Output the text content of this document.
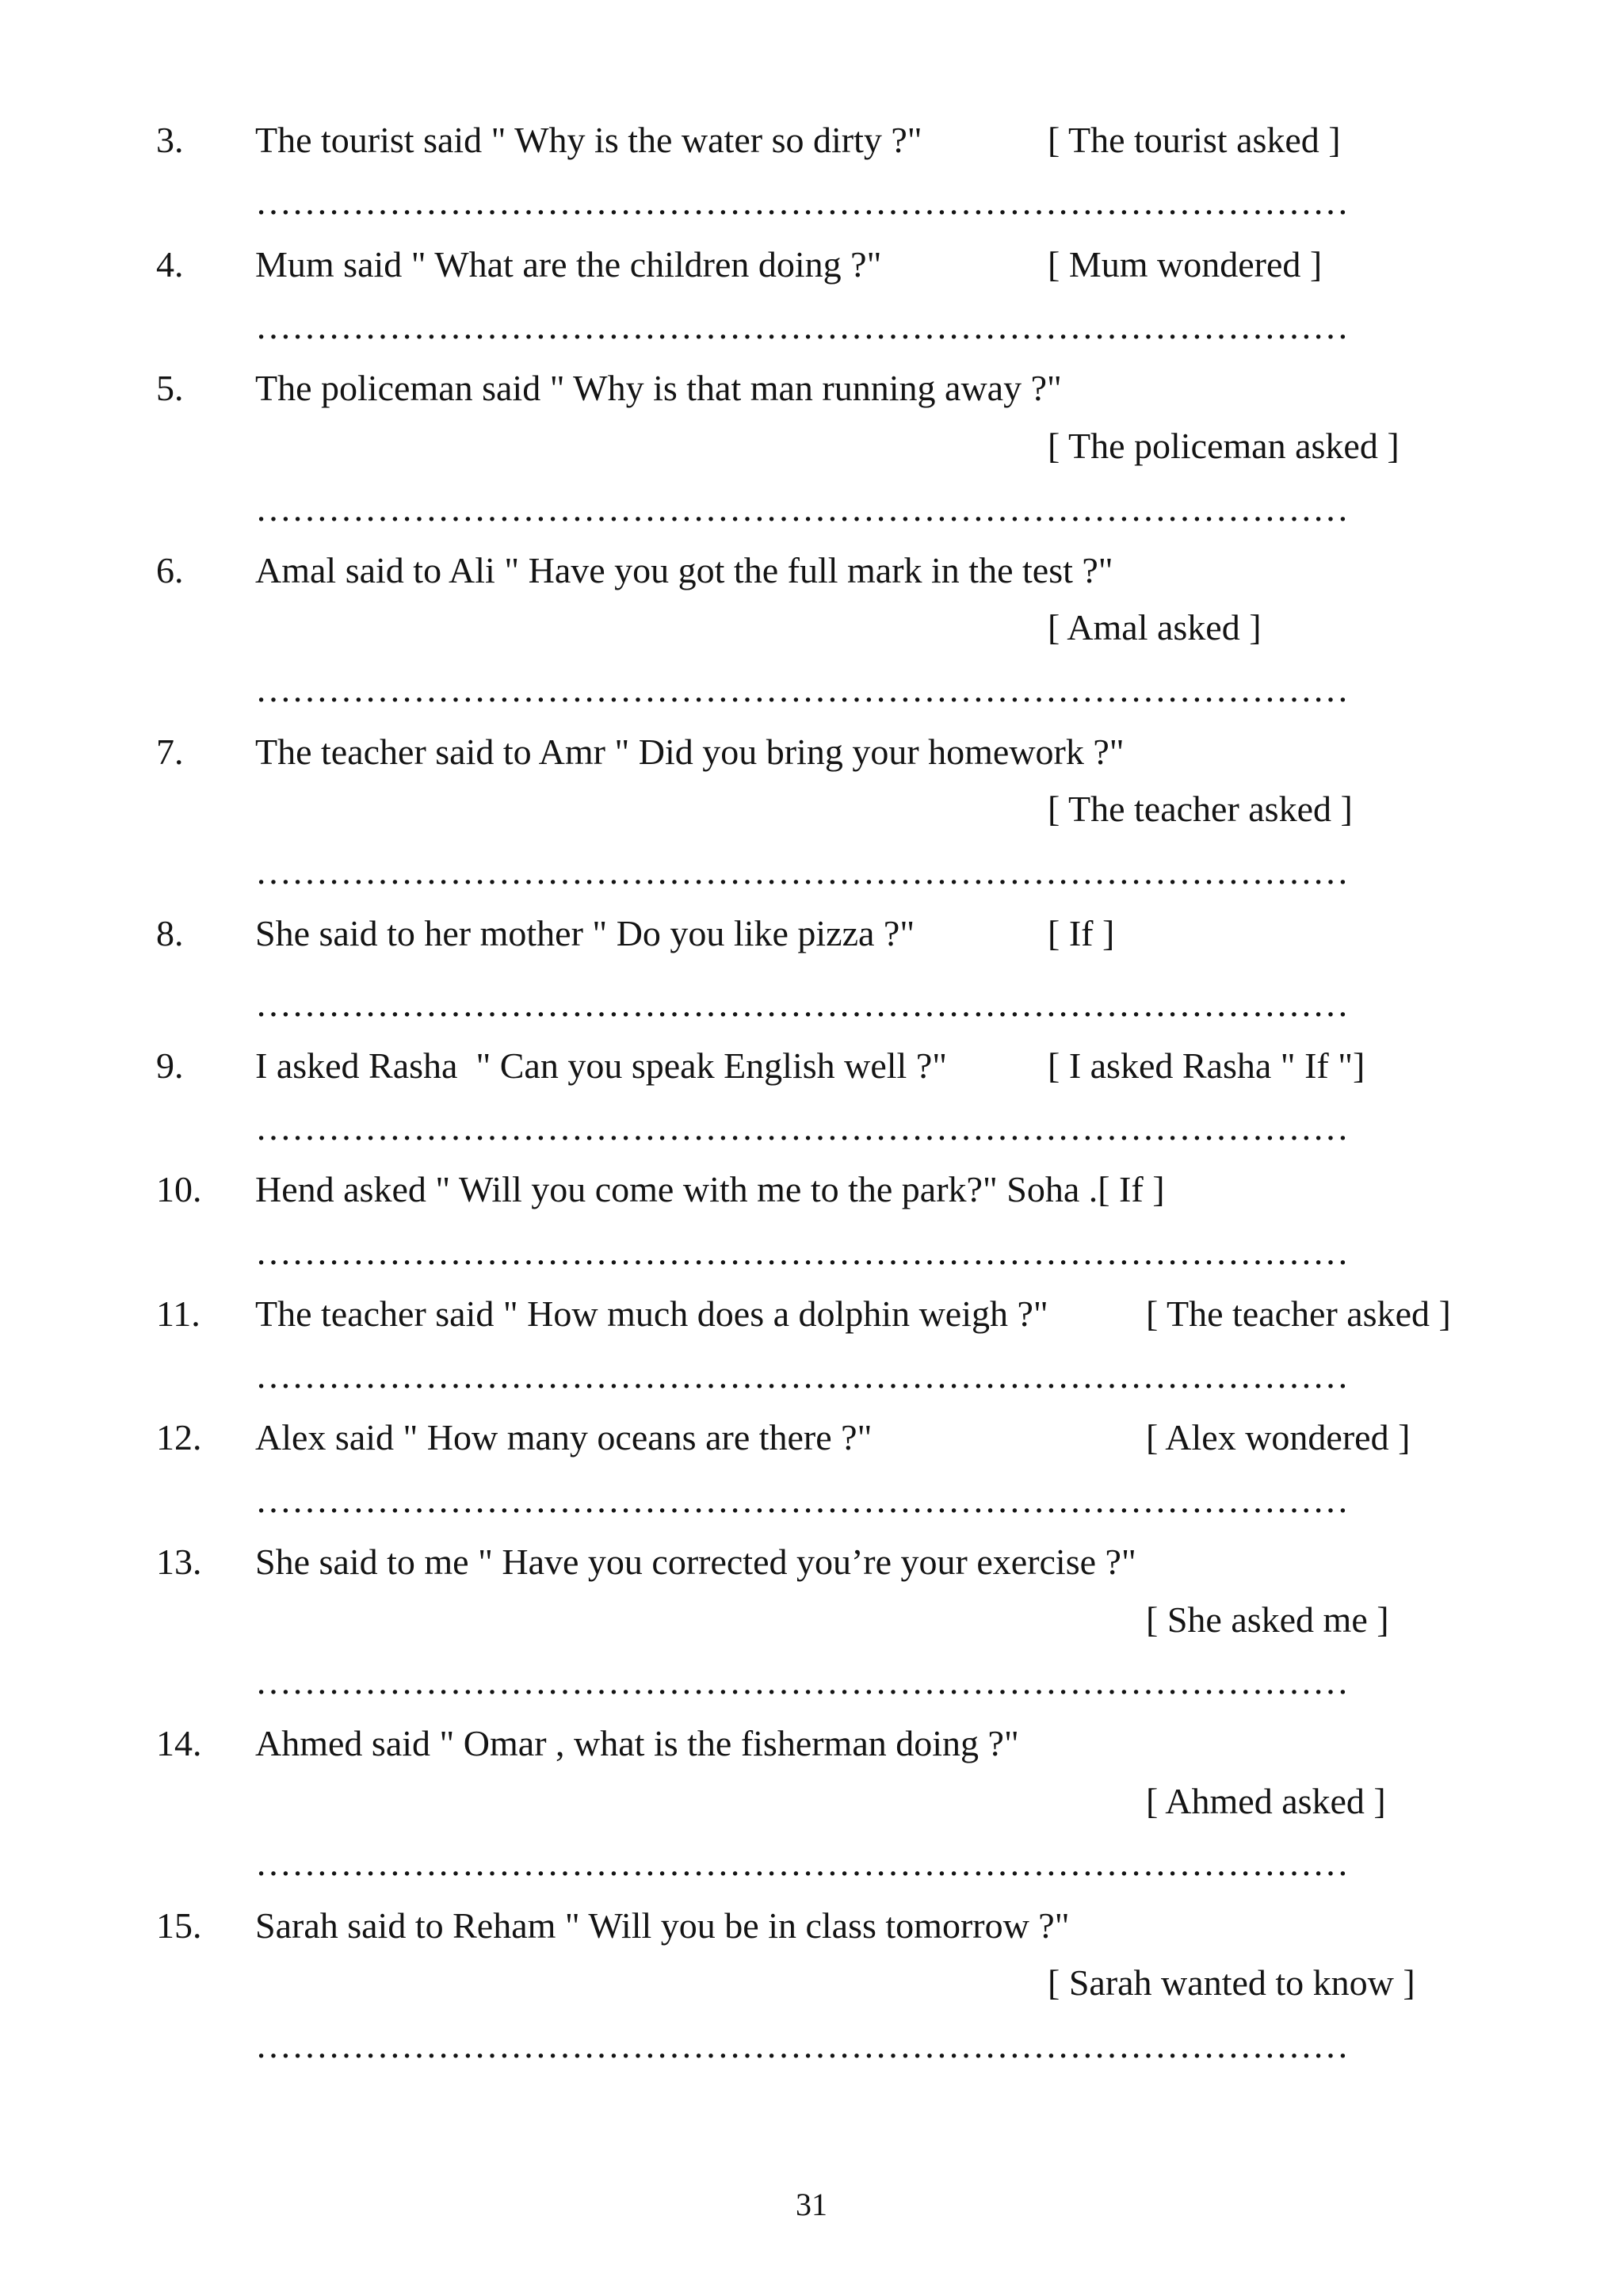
3. The tourist said " Why is the water so dirty ?"	[ The tourist asked ]
………………………………………………………………………………
4. Mum said " What are the children doing ?"	[ Mum wondered ]
………………………………………………………………………………
5. The policeman said " Why is that man running away ?"
[ The policeman asked ]
………………………………………………………………………………
6. Amal said to Ali " Have you got the full mark in the test ?"
[ Amal asked ]
………………………………………………………………………………
7. The teacher said to Amr " Did you bring your homework ?"
[ The teacher asked ]
………………………………………………………………………………
8. She said to her mother " Do you like pizza ?"	[ If ]
………………………………………………………………………………
9. I asked Rasha  " Can you speak English well ?"	[ I asked Rasha " If "]
………………………………………………………………………………
10. Hend asked " Will you come with me to the park?" Soha .[ If ]
………………………………………………………………………………
11. The teacher said " How much does a dolphin weigh ?"	[ The teacher asked ]
………………………………………………………………………………
12. Alex said " How many oceans are there ?"	[ Alex wondered ]
………………………………………………………………………………
13. She said to me " Have you corrected you’re your exercise ?"
[ She asked me ]
………………………………………………………………………………
14. Ahmed said " Omar , what is the fisherman doing ?"
[ Ahmed asked ]
………………………………………………………………………………
15. Sarah said to Reham " Will you be in class tomorrow ?"
[ Sarah wanted to know ]
………………………………………………………………………………
31
